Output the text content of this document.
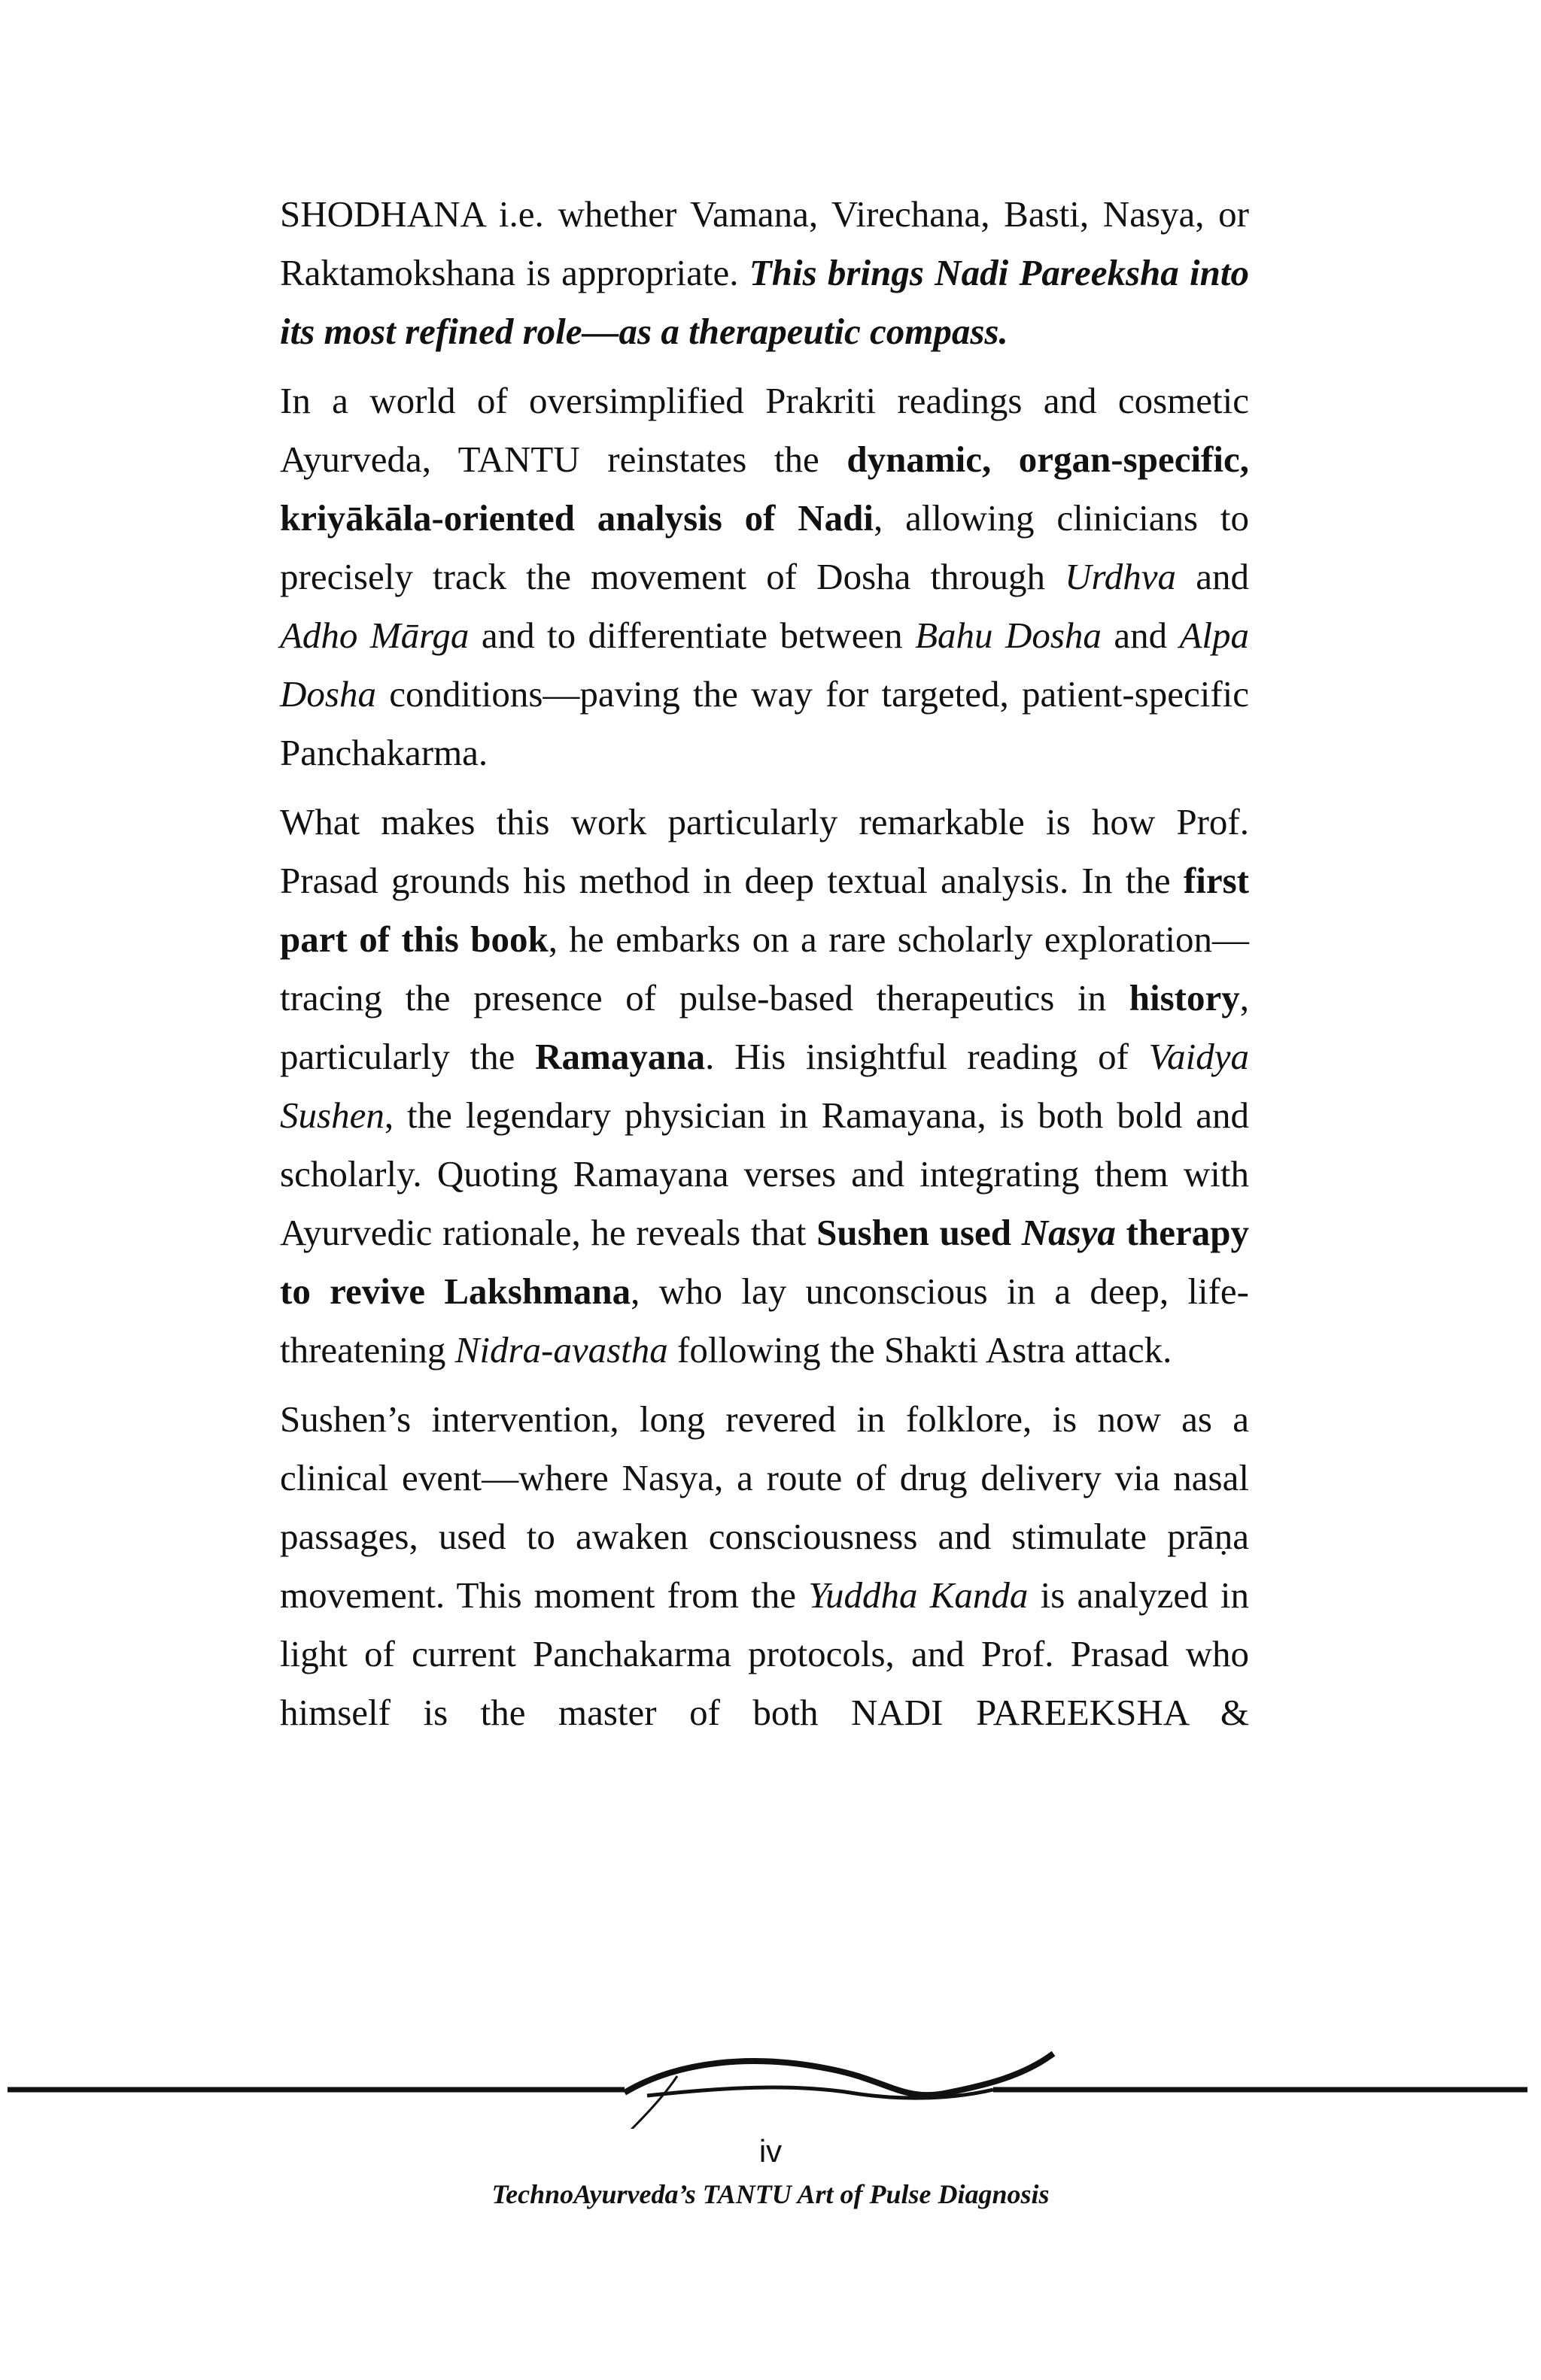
SHODHANA i.e. whether Vamana, Virechana, Basti, Nasya, or Raktamokshana is appropriate. This brings Nadi Pareeksha into its most refined role—as a therapeutic compass.

In a world of oversimplified Prakriti readings and cosmetic Ayurveda, TANTU reinstates the dynamic, organ-specific, kriyākāla-oriented analysis of Nadi, allowing clinicians to precisely track the movement of Dosha through Urdhva and Adho Mārga and to differentiate between Bahu Dosha and Alpa Dosha conditions—paving the way for targeted, patient-specific Panchakarma.

What makes this work particularly remarkable is how Prof. Prasad grounds his method in deep textual analysis. In the first part of this book, he embarks on a rare scholarly exploration—tracing the presence of pulse-based therapeutics in history, particularly the Ramayana. His insightful reading of Vaidya Sushen, the legendary physician in Ramayana, is both bold and scholarly. Quoting Ramayana verses and integrating them with Ayurvedic rationale, he reveals that Sushen used Nasya therapy to revive Lakshmana, who lay unconscious in a deep, life-threatening Nidra-avastha following the Shakti Astra attack.

Sushen’s intervention, long revered in folklore, is now as a clinical event—where Nasya, a route of drug delivery via nasal passages, used to awaken consciousness and stimulate prāṇa movement. This moment from the Yuddha Kanda is analyzed in light of current Panchakarma protocols, and Prof. Prasad who himself is the master of both NADI PAREEKSHA &

iv
TechnoAyurveda’s TANTU Art of Pulse Diagnosis
